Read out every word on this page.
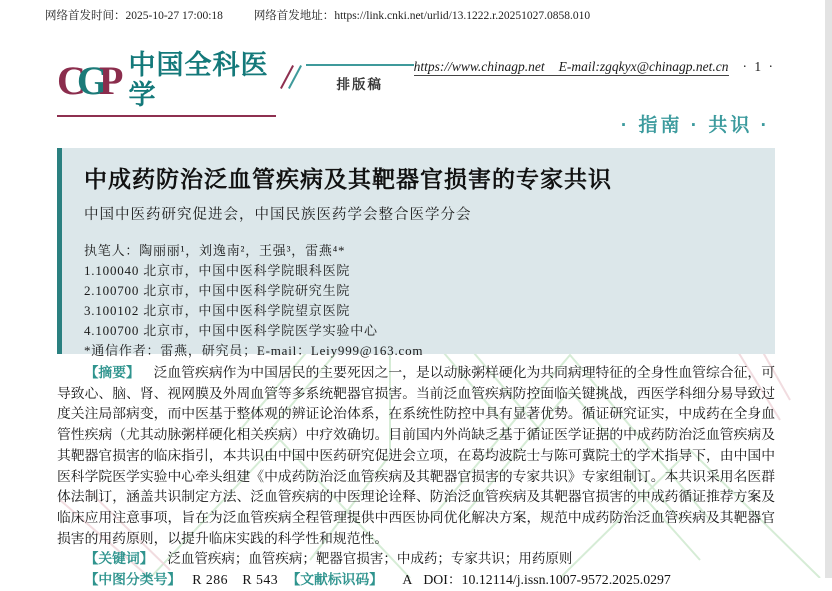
网络首发时间：2025-10-27 17:00:18	网络首发地址：https://link.cnki.net/urlid/13.1222.r.20251027.0858.010
CGP 中国全科医学	排版稿
https://www.chinagp.net E-mail:zgqkyx@chinagp.net.cn · 1 ·
· 指南 · 共识 ·
中成药防治泛血管疾病及其靶器官损害的专家共识
中国中医药研究促进会，中国民族医药学会整合医学分会
执笔人：陶丽丽¹，刘逸南²，王强³，雷燕⁴*
1.100040 北京市，中国中医科学院眼科医院
2.100700 北京市，中国中医科学院研究生院
3.100102 北京市，中国中医科学院望京医院
4.100700 北京市，中国中医科学院医学实验中心
*通信作者：雷燕，研究员；E-mail：Leiy999@163.com

【摘要】 泛血管疾病作为中国居民的主要死因之一，是以动脉粥样硬化为共同病理特征的全身性血管综合征，可导致心、脑、肾、视网膜及外周血管等多系统靶器官损害。当前泛血管疾病防控面临关键挑战，西医学科细分易导致过度关注局部病变，而中医基于整体观的辨证论治体系，在系统性防控中具有显著优势。循证研究证实，中成药在全身血管性疾病（尤其动脉粥样硬化相关疾病）中疗效确切。目前国内外尚缺乏基于循证医学证据的中成药防治泛血管疾病及其靶器官损害的临床指引，本共识由中国中医药研究促进会立项，在葛均波院士与陈可冀院士的学术指导下，由中国中医科学院医学实验中心牵头组建《中成药防治泛血管疾病及其靶器官损害的专家共识》专家组制订。本共识采用名医群体法制订，涵盖共识制定方法、泛血管疾病的中医理论诠释、防治泛血管疾病及其靶器官损害的中成药循证推荐方案及临床应用注意事项，旨在为泛血管疾病全程管理提供中西医协同优化解决方案，规范中成药防治泛血管疾病及其靶器官损害的用药原则，以提升临床实践的科学性和规范性。

【关键词】 泛血管疾病；血管疾病；靶器官损害；中成药；专家共识；用药原则

【中图分类号】 R 286　R 543 【文献标识码】 A DOI：10.12114/j.issn.1007-9572.2025.0297
